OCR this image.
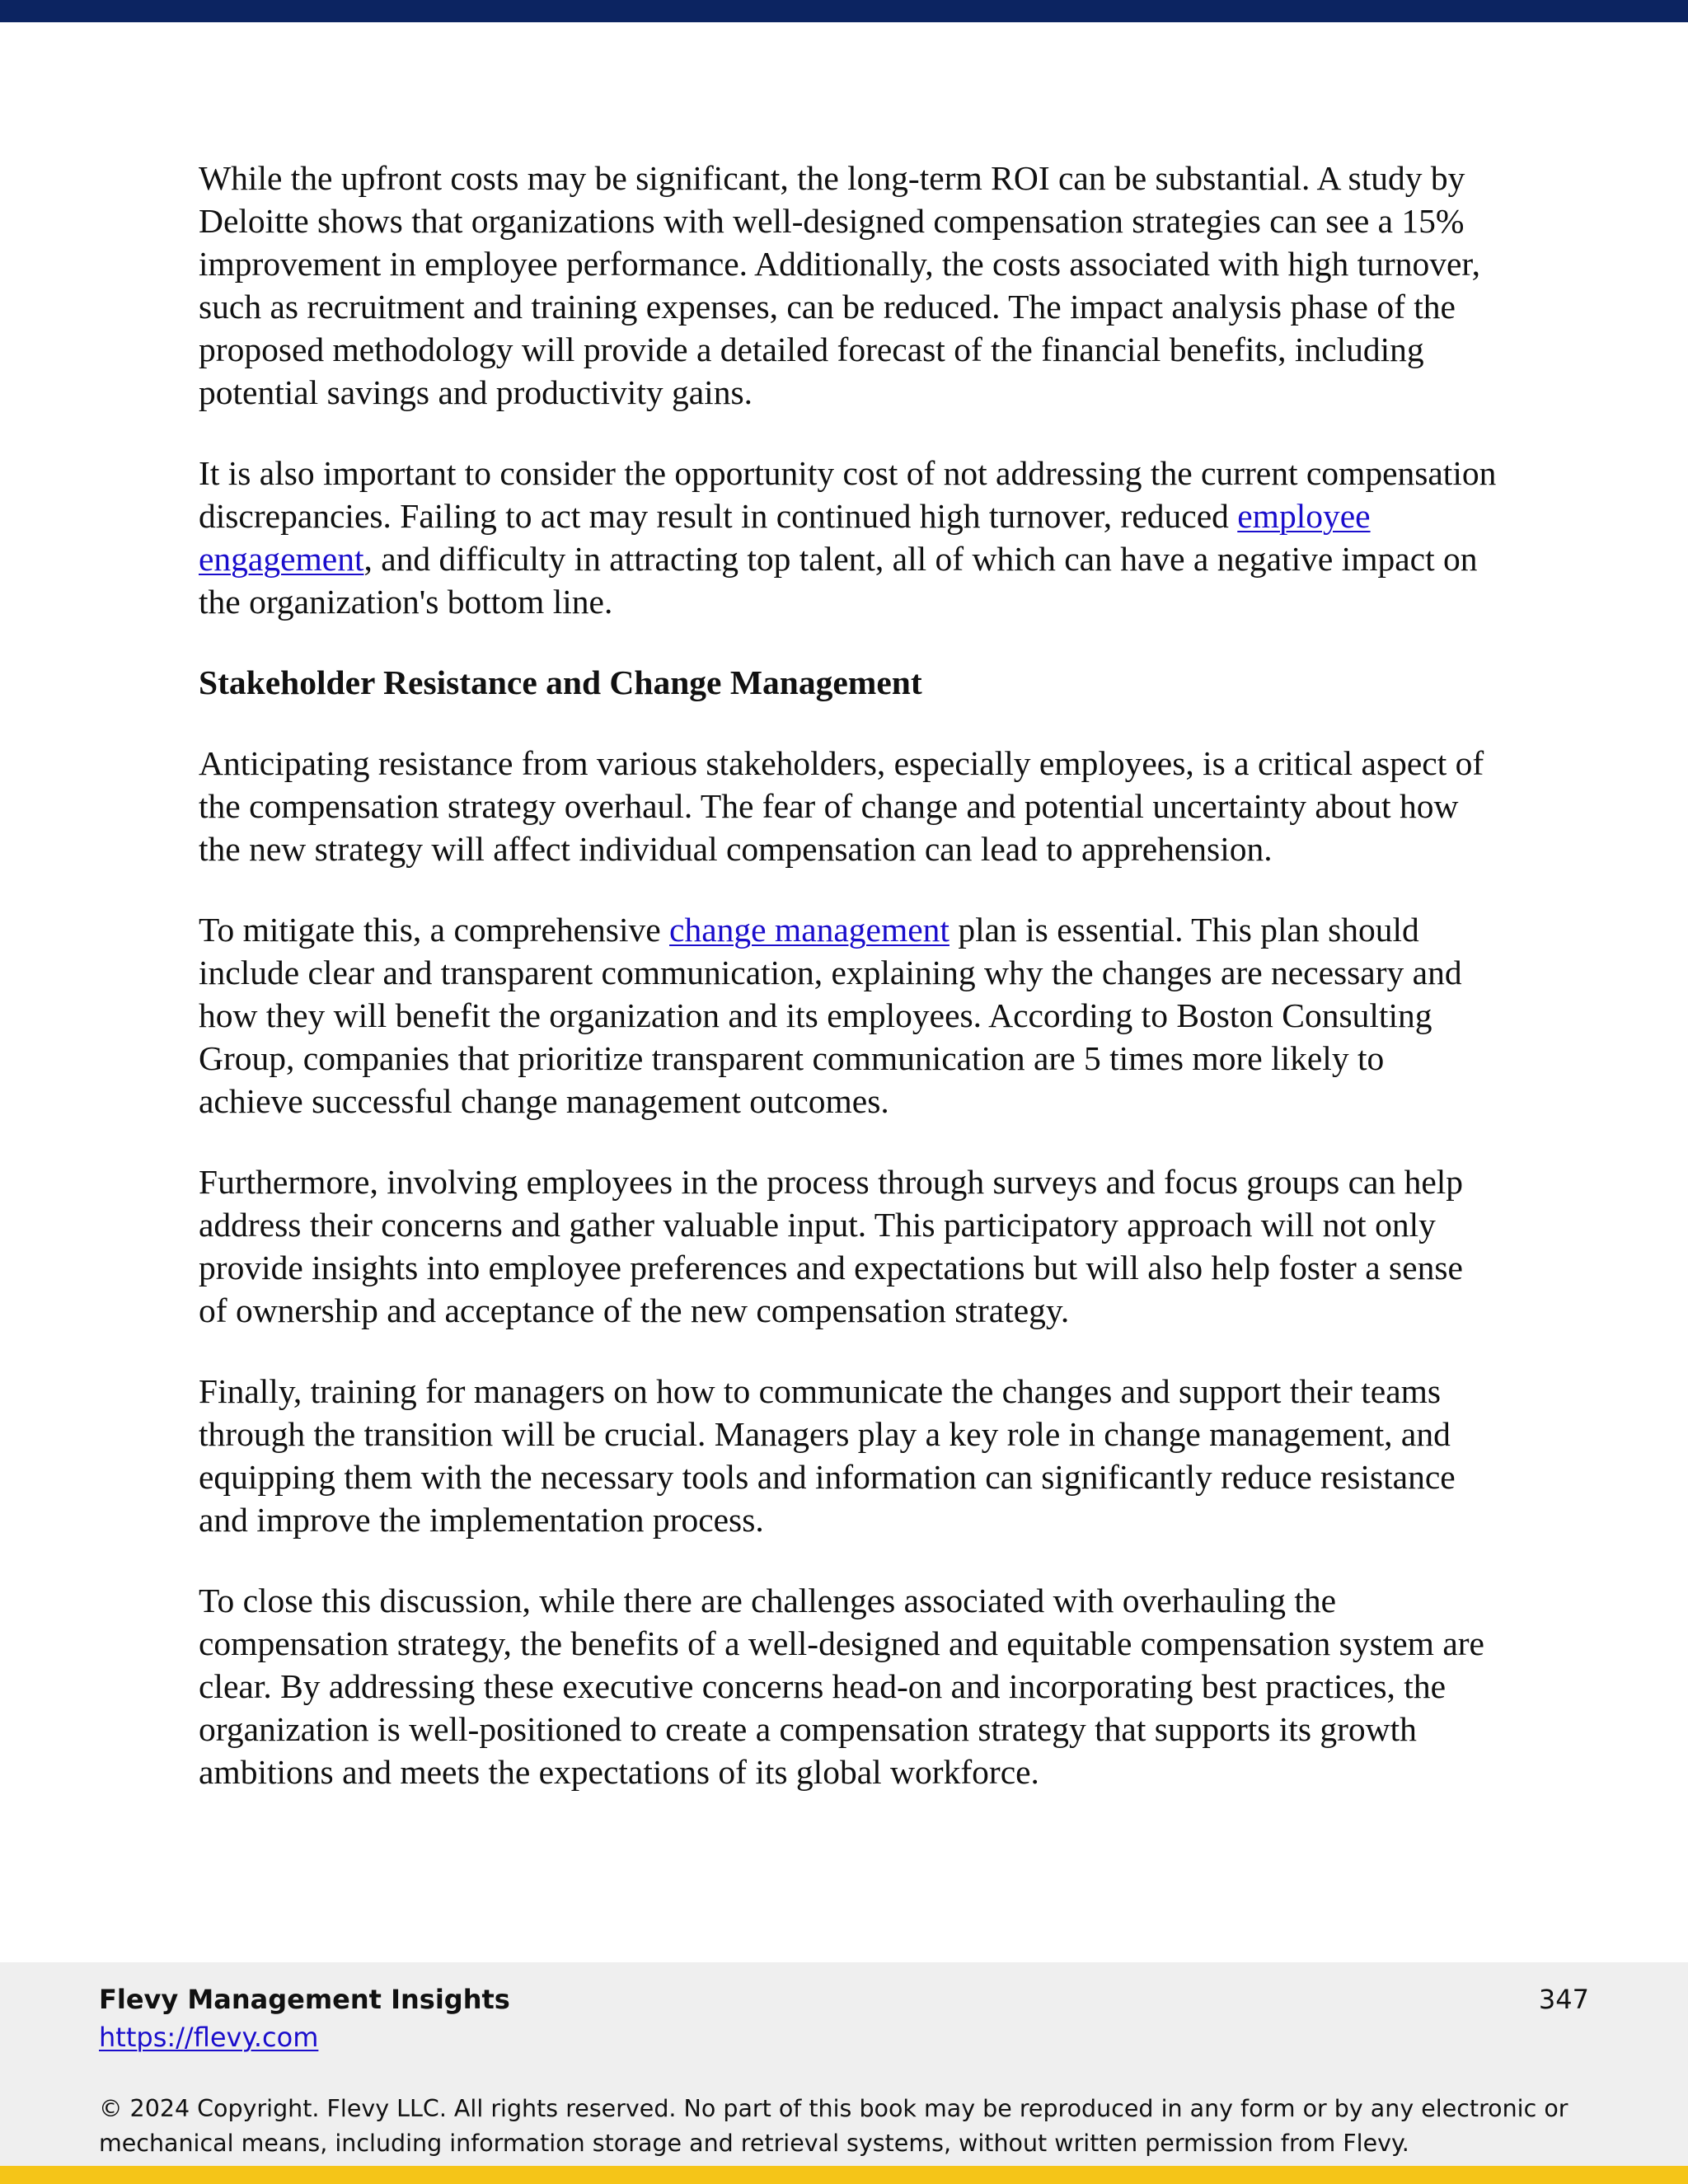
While the upfront costs may be significant, the long-term ROI can be substantial. A study by Deloitte shows that organizations with well-designed compensation strategies can see a 15% improvement in employee performance. Additionally, the costs associated with high turnover, such as recruitment and training expenses, can be reduced. The impact analysis phase of the proposed methodology will provide a detailed forecast of the financial benefits, including potential savings and productivity gains.

It is also important to consider the opportunity cost of not addressing the current compensation discrepancies. Failing to act may result in continued high turnover, reduced employee engagement, and difficulty in attracting top talent, all of which can have a negative impact on the organization's bottom line.

Stakeholder Resistance and Change Management

Anticipating resistance from various stakeholders, especially employees, is a critical aspect of the compensation strategy overhaul. The fear of change and potential uncertainty about how the new strategy will affect individual compensation can lead to apprehension.

To mitigate this, a comprehensive change management plan is essential. This plan should include clear and transparent communication, explaining why the changes are necessary and how they will benefit the organization and its employees. According to Boston Consulting Group, companies that prioritize transparent communication are 5 times more likely to achieve successful change management outcomes.

Furthermore, involving employees in the process through surveys and focus groups can help address their concerns and gather valuable input. This participatory approach will not only provide insights into employee preferences and expectations but will also help foster a sense of ownership and acceptance of the new compensation strategy.

Finally, training for managers on how to communicate the changes and support their teams through the transition will be crucial. Managers play a key role in change management, and equipping them with the necessary tools and information can significantly reduce resistance and improve the implementation process.

To close this discussion, while there are challenges associated with overhauling the compensation strategy, the benefits of a well-designed and equitable compensation system are clear. By addressing these executive concerns head-on and incorporating best practices, the organization is well-positioned to create a compensation strategy that supports its growth ambitions and meets the expectations of its global workforce.

Flevy Management Insights
https://flevy.com
347
© 2024 Copyright. Flevy LLC. All rights reserved. No part of this book may be reproduced in any form or by any electronic or
mechanical means, including information storage and retrieval systems, without written permission from Flevy.
